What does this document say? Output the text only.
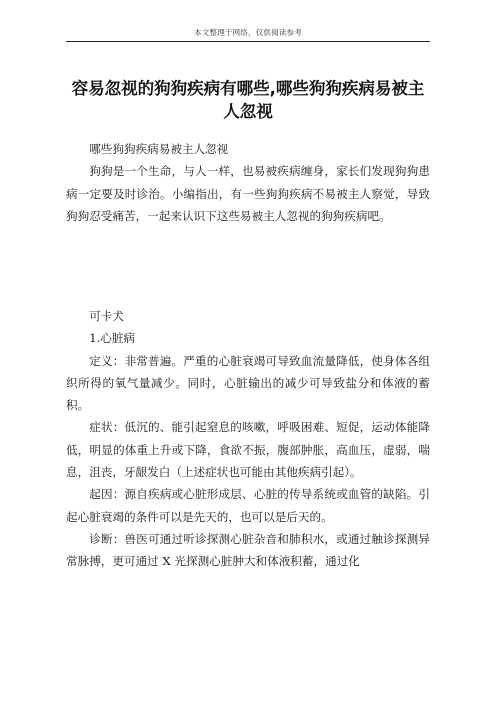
本文整理于网络，仅供阅读参考
容易忽视的狗狗疾病有哪些,哪些狗狗疾病易被主人忽视

哪些狗狗疾病易被主人忽视

狗狗是一个生命，与人一样，也易被疾病缠身，家长们发现狗狗患病一定要及时诊治。小编指出，有一些狗狗疾病不易被主人察觉，导致狗狗忍受痛苦，一起来认识下这些易被主人忽视的狗狗疾病吧。

可卡犬

1.心脏病

定义：非常普遍。严重的心脏衰竭可导致血流量降低，使身体各组织所得的氧气量减少。同时，心脏输出的减少可导致盐分和体液的蓄积。

症状：低沉的、能引起窒息的咳嗽，呼吸困难、短促，运动体能降低，明显的体重上升或下降，食欲不振，腹部肿胀，高血压，虚弱，喘息，沮丧，牙龈发白（上述症状也可能由其他疾病引起）。

起因：源自疾病或心脏形成层、心脏的传导系统或血管的缺陷。引起心脏衰竭的条件可以是先天的，也可以是后天的。

诊断：兽医可通过听诊探测心脏杂音和肺积水，或通过触诊探测异常脉搏，更可通过 X 光探测心脏肿大和体液积蓄，通过化
